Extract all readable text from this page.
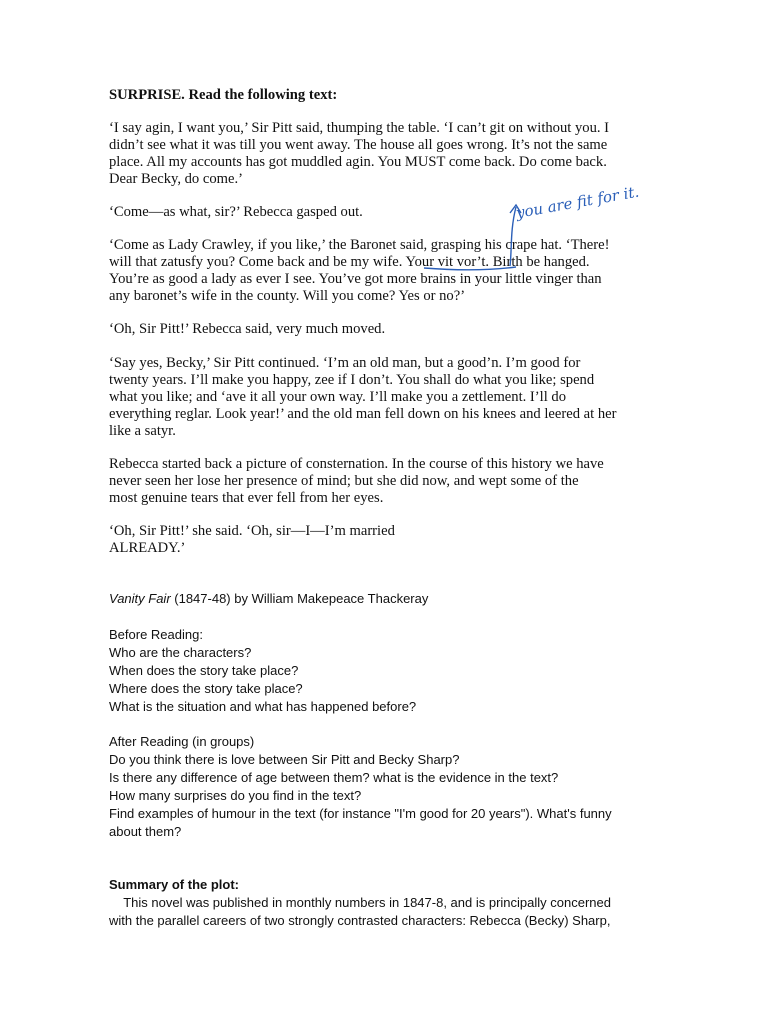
SURPRISE. Read the following text:
‘I say agin, I want you,’ Sir Pitt said, thumping the table. ‘I can’t git on without you. I
didn’t see what it was till you went away. The house all goes wrong. It’s not the same
place. All my accounts has got muddled agin. You MUST come back. Do come back.
Dear Becky, do come.’
‘Come—as what, sir?’ Rebecca gasped out.
‘Come as Lady Crawley, if you like,’ the Baronet said, grasping his crape hat. ‘There!
will that zatusfy you? Come back and be my wife. Your vit vor’t. Birth be hanged.
You’re as good a lady as ever I see. You’ve got more brains in your little vinger than
any baronet’s wife in the county. Will you come? Yes or no?’
‘Oh, Sir Pitt!’ Rebecca said, very much moved.
‘Say yes, Becky,’ Sir Pitt continued. ‘I’m an old man, but a good’n. I’m good for
twenty years. I’ll make you happy, zee if I don’t. You shall do what you like; spend
what you like; and ‘ave it all your own way. I’ll make you a zettlement. I’ll do
everything reglar. Look year!’ and the old man fell down on his knees and leered at her
like a satyr.
Rebecca started back a picture of consternation. In the course of this history we have
never seen her lose her presence of mind; but she did now, and wept some of the
most genuine tears that ever fell from her eyes.
‘Oh, Sir Pitt!’ she said. ‘Oh, sir—I—I’m married
ALREADY.’
Vanity Fair (1847-48) by William Makepeace Thackeray
Before Reading:
Who are the characters?
When does the story take place?
Where does the story take place?
What is the situation and what has happened before?
After Reading (in groups)
Do you think there is love between Sir Pitt and Becky Sharp?
Is there any difference of age between them? what is the evidence in the text?
How many surprises do you find in the text?
Find examples of humour in the text (for instance "I'm good for 20 years"). What's funny
about them?
Summary of the plot:
This novel was published in monthly numbers in 1847-8, and is principally concerned
with the parallel careers of two strongly contrasted characters: Rebecca (Becky) Sharp,
you are fit for it.
